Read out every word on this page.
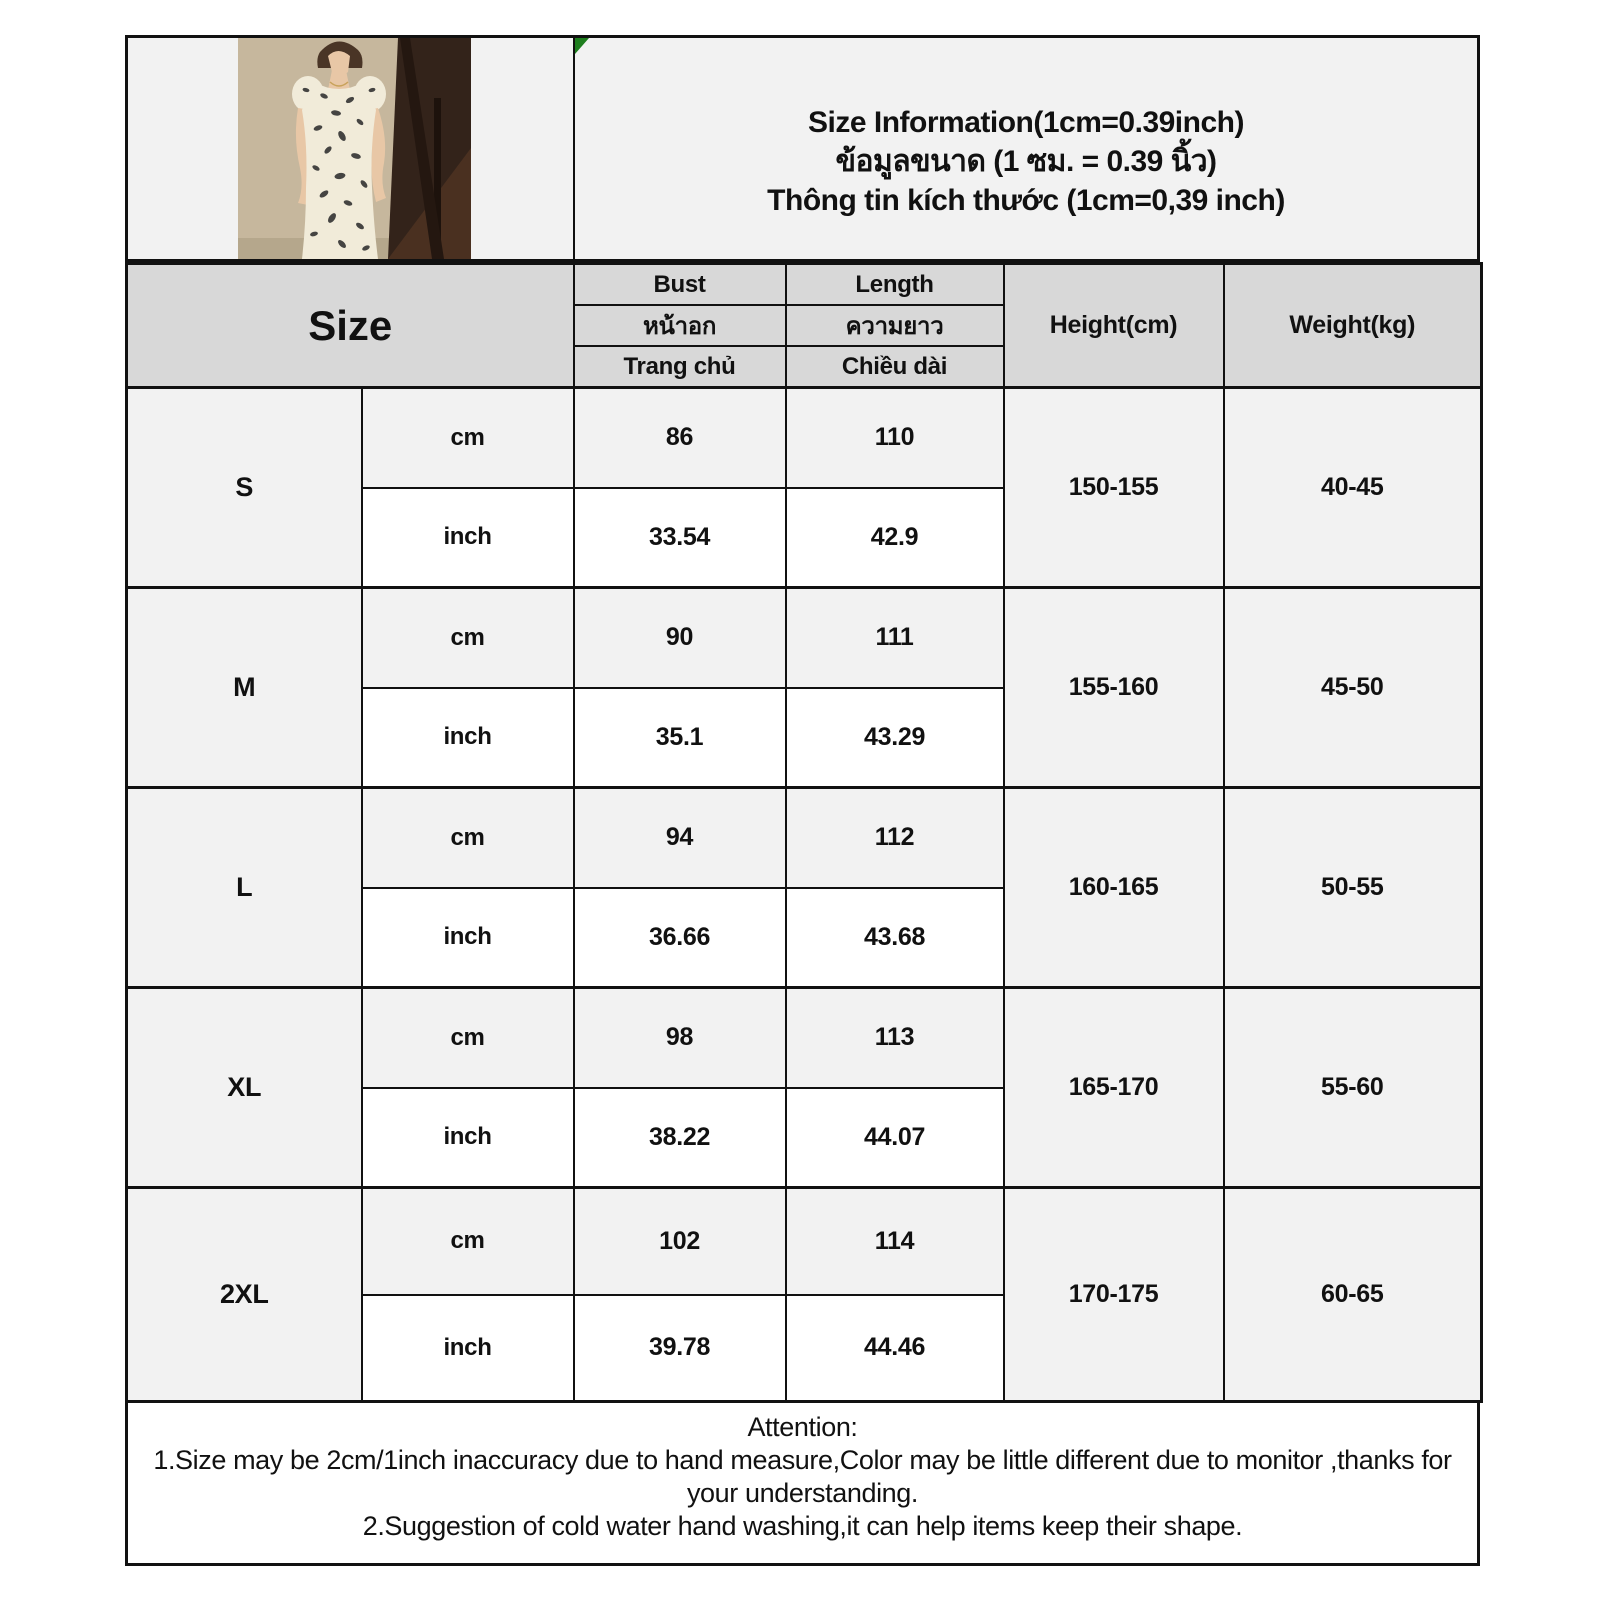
Size Information(1cm=0.39inch)
ข้อมูลขนาด (1 ซม. = 0.39 นิ้ว)
Thông tin kích thước (1cm=0,39 inch)
Size		Bust	Length	Height(cm)	Weight(kg)
		หน้าอก	ความยาว		
		Trang chủ	Chiều dài		
S	cm	86	110	150-155	40-45
	inch	33.54	42.9		
M	cm	90	111	155-160	45-50
	inch	35.1	43.29		
L	cm	94	112	160-165	50-55
	inch	36.66	43.68		
XL	cm	98	113	165-170	55-60
	inch	38.22	44.07		
2XL	cm	102	114	170-175	60-65
	inch	39.78	44.46		
Attention:
1.Size may be 2cm/1inch inaccuracy due to hand measure,Color may be little different due to monitor ,thanks for your understanding.
2.Suggestion of cold water hand washing,it can help items keep their shape.
